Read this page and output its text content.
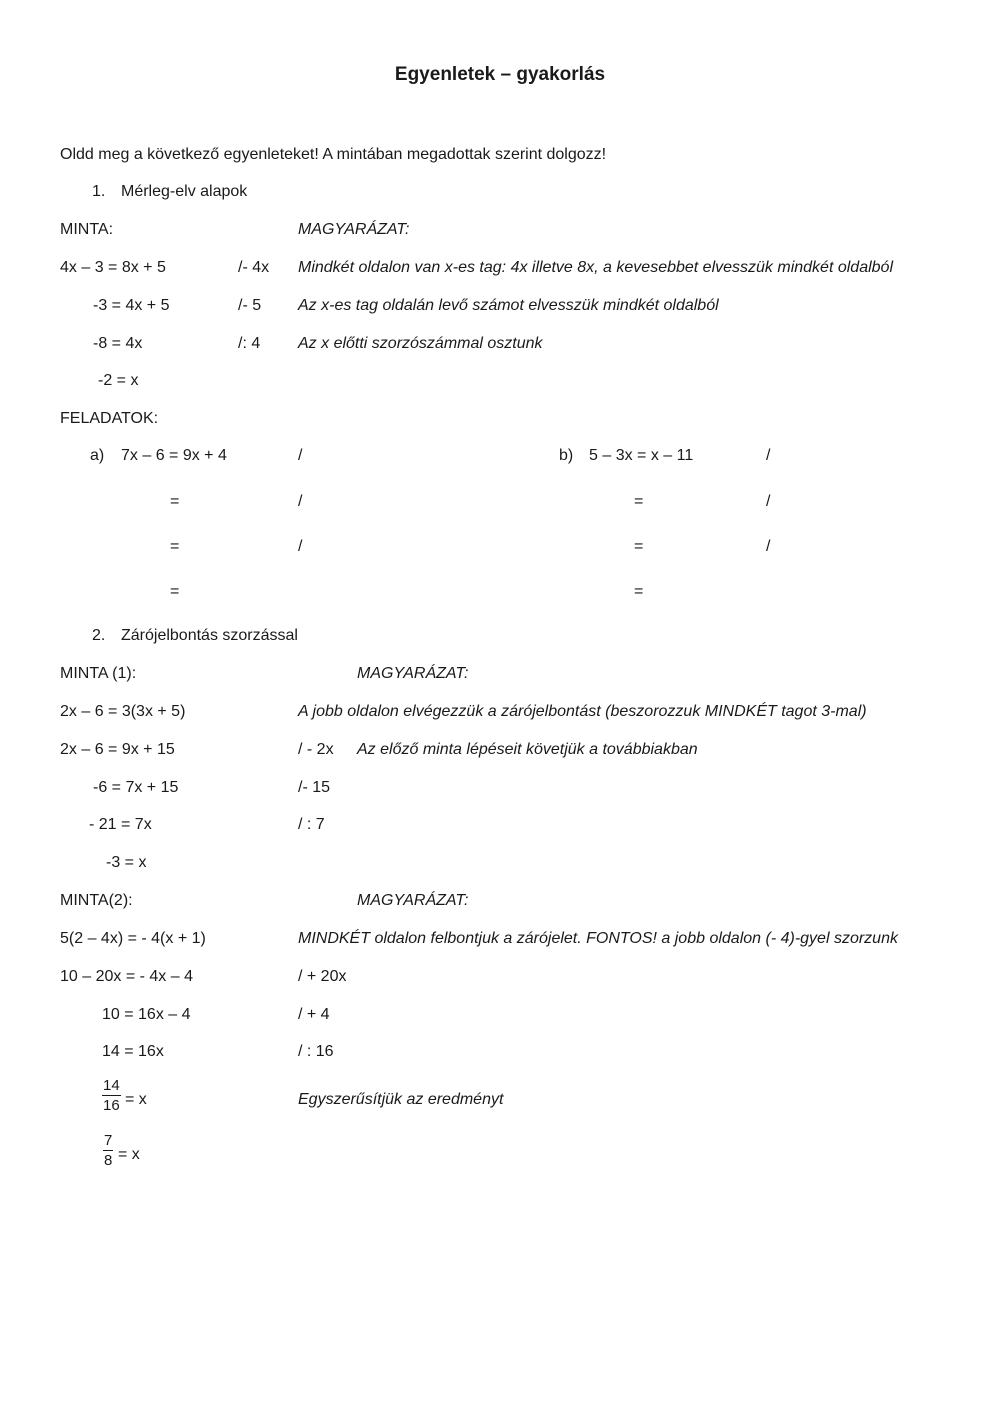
Egyenletek – gyakorlás
Oldd meg a következő egyenleteket! A mintában megadottak szerint dolgozz!
1. Mérleg-elv alapok
MINTA:	MAGYARÁZAT:
4x – 3 = 8x + 5	/- 4x Mindkét oldalon van x-es tag: 4x illetve 8x, a kevesebbet elvesszük mindkét oldalból
-3 = 4x + 5	/- 5 Az x-es tag oldalán levő számot elvesszük mindkét oldalból
-8 = 4x	/: 4 Az x előtti szorzószámmal osztunk
-2 = x
FELADATOK:
a) 7x – 6 = 9x + 4	/
=	/
=	/
=
b) 5 – 3x = x – 11	/
=	/
=	/
=
2. Zárójelbontás szorzással
MINTA (1):	MAGYARÁZAT:
2x – 6 = 3(3x + 5)	A jobb oldalon elvégezzük a zárójelbontást (beszorozzuk MINDKÉT tagot 3-mal)
2x – 6 = 9x + 15	/ - 2x Az előző minta lépéseit követjük a továbbiakban
-6 = 7x + 15	/- 15
- 21 = 7x	/ : 7
-3 = x
MINTA(2):	MAGYARÁZAT:
5(2 – 4x) = - 4(x + 1)	MINDKÉT oldalon felbontjuk a zárójelet. FONTOS! a jobb oldalon (- 4)-gyel szorzunk
10 – 20x = - 4x – 4	/ + 20x
10 = 16x – 4	/ + 4
14 = 16x	/ : 16
$\frac{14}{16} = x$	Egyszerűsítjük az eredményt
$\frac{7}{8} = x$
